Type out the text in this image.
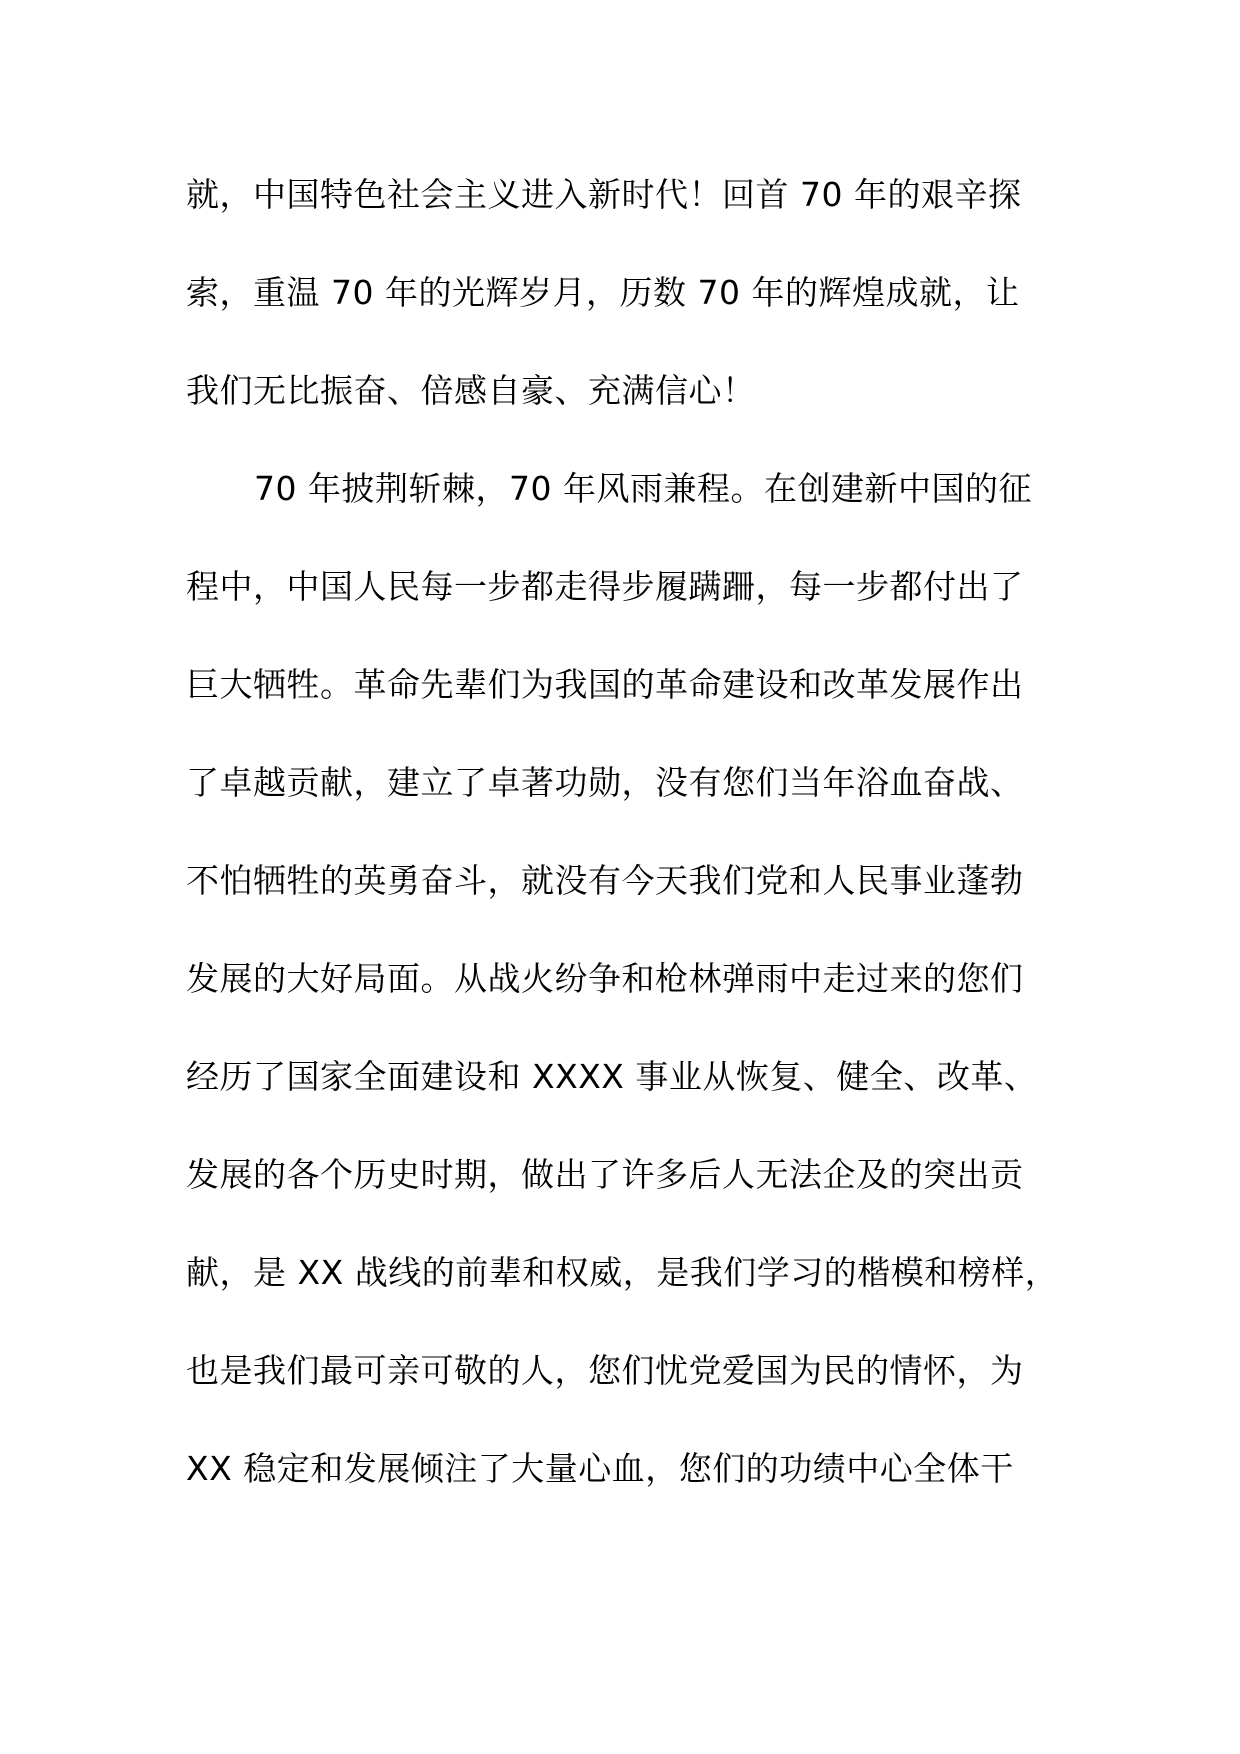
就，中国特色社会主义进入新时代！回首 70 年的艰辛探
索，重温 70 年的光辉岁月，历数 70 年的辉煌成就，让
我们无比振奋、倍感自豪、充满信心！
70 年披荆斩棘，70 年风雨兼程。在创建新中国的征
程中，中国人民每一步都走得步履蹒跚，每一步都付出了
巨大牺牲。革命先辈们为我国的革命建设和改革发展作出
了卓越贡献，建立了卓著功勋，没有您们当年浴血奋战、
不怕牺牲的英勇奋斗，就没有今天我们党和人民事业蓬勃
发展的大好局面。从战火纷争和枪林弹雨中走过来的您们
经历了国家全面建设和 XXXX 事业从恢复、健全、改革、
发展的各个历史时期，做出了许多后人无法企及的突出贡
献，是 XX 战线的前辈和权威，是我们学习的楷模和榜样，
也是我们最可亲可敬的人，您们忧党爱国为民的情怀，为
XX 稳定和发展倾注了大量心血，您们的功绩中心全体干
